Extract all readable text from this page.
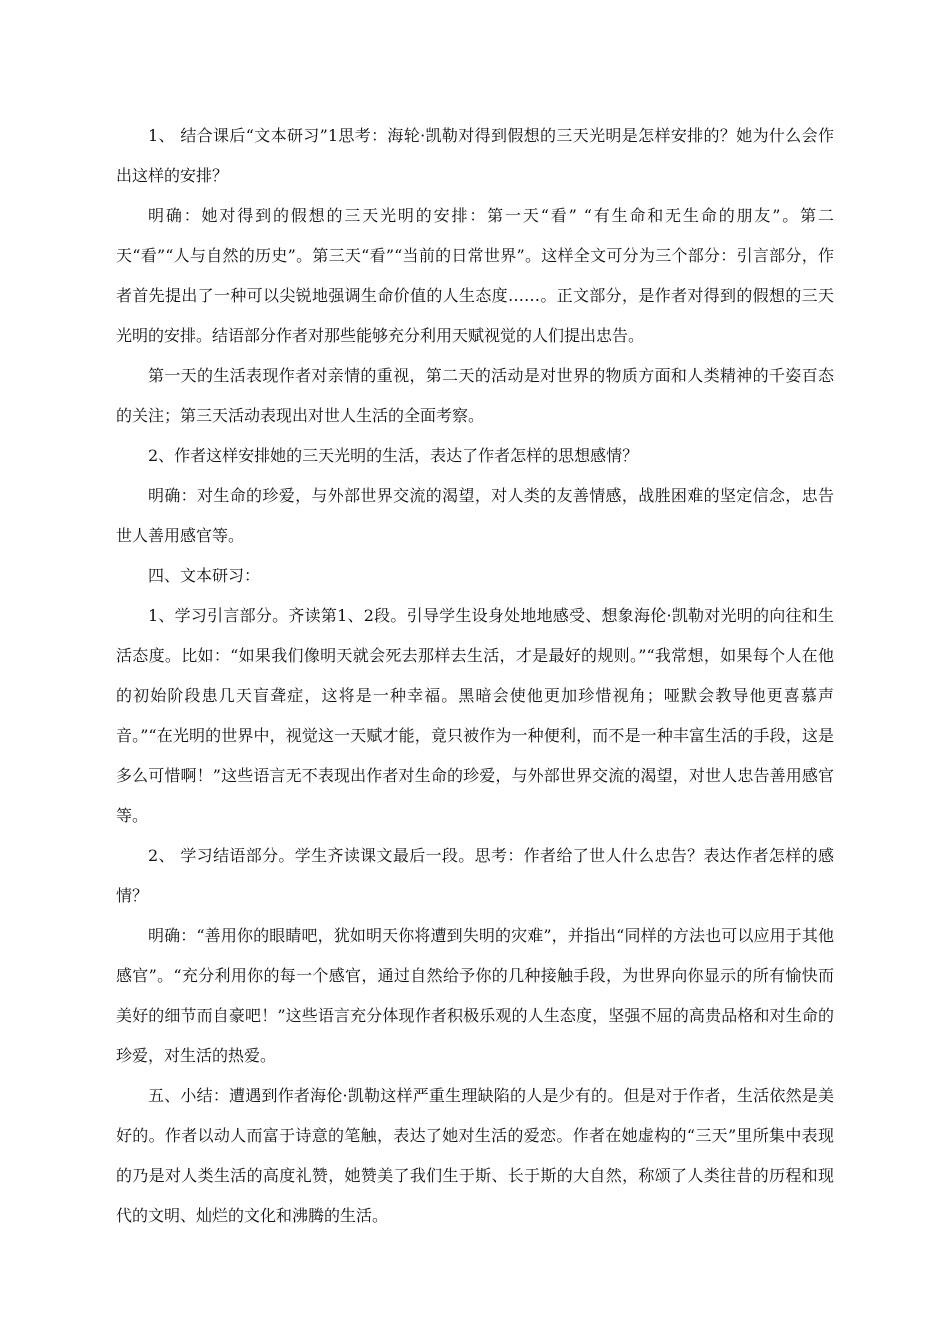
1、 结合课后“文本研习”1思考：海轮·凯勒对得到假想的三天光明是怎样安排的？她为什么会作出这样的安排？

明确：她对得到的假想的三天光明的安排：第一天“看” “有生命和无生命的朋友”。第二天“看”“人与自然的历史”。第三天“看”“当前的日常世界”。这样全文可分为三个部分：引言部分，作者首先提出了一种可以尖锐地强调生命价值的人生态度……。正文部分，是作者对得到的假想的三天光明的安排。结语部分作者对那些能够充分利用天赋视觉的人们提出忠告。

第一天的生活表现作者对亲情的重视，第二天的活动是对世界的物质方面和人类精神的千姿百态的关注；第三天活动表现出对世人生活的全面考察。

2、作者这样安排她的三天光明的生活，表达了作者怎样的思想感情？

明确：对生命的珍爱，与外部世界交流的渴望，对人类的友善情感，战胜困难的坚定信念，忠告世人善用感官等。

四、文本研习：

1、学习引言部分。齐读第1、2段。引导学生设身处地地感受、想象海伦·凯勒对光明的向往和生活态度。比如：“如果我们像明天就会死去那样去生活，才是最好的规则。”“我常想，如果每个人在他的初始阶段患几天盲聋症，这将是一种幸福。黑暗会使他更加珍惜视角；哑默会教导他更喜慕声音。”“在光明的世界中，视觉这一天赋才能，竟只被作为一种便利，而不是一种丰富生活的手段，这是多么可惜啊！”这些语言无不表现出作者对生命的珍爱，与外部世界交流的渴望，对世人忠告善用感官等。

2、 学习结语部分。学生齐读课文最后一段。思考：作者给了世人什么忠告？表达作者怎样的感情？

明确：“善用你的眼睛吧，犹如明天你将遭到失明的灾难”，并指出“同样的方法也可以应用于其他感官”。“充分利用你的每一个感官，通过自然给予你的几种接触手段，为世界向你显示的所有愉快而美好的细节而自豪吧！”这些语言充分体现作者积极乐观的人生态度，坚强不屈的高贵品格和对生命的珍爱，对生活的热爱。

五、小结：遭遇到作者海伦·凯勒这样严重生理缺陷的人是少有的。但是对于作者，生活依然是美好的。作者以动人而富于诗意的笔触，表达了她对生活的爱恋。作者在她虚构的“三天”里所集中表现的乃是对人类生活的高度礼赞，她赞美了我们生于斯、长于斯的大自然，称颂了人类往昔的历程和现代的文明、灿烂的文化和沸腾的生活。
